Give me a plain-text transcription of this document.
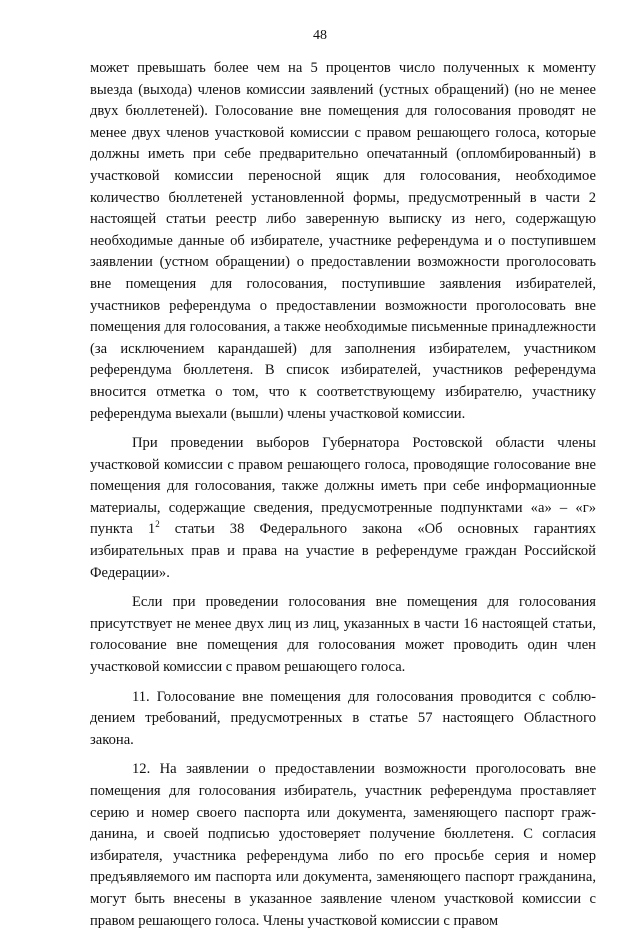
48

может превышать более чем на 5 процентов число полученных к моменту выезда (выхода) членов комиссии заявлений (устных обращений) (но не менее двух бюллетеней). Голосование вне помещения для голосования проводят не менее двух членов участковой комиссии с правом решающего голоса, которые должны иметь при себе предварительно опечатанный (опломбированный) в участковой комиссии переносной ящик для голосования, необходимое количество бюллетеней установленной формы, предусмотренный в части 2 настоящей статьи реестр либо заверенную выписку из него, содержащую необходимые данные об избирателе, участнике референдума и о поступившем заявлении (устном обращении) о предоставлении возможности проголосовать вне помещения для голосования, поступившие заявления избирателей, участников референдума о предоставлении возможности проголосовать вне помещения для голосования, а также необходимые письменные принадлежности (за исключением карандашей) для заполнения избирателем, участником референдума бюллетеня. В список избирателей, участников референдума вносится отметка о том, что к соответствующему избирателю, участнику референдума выехали (вышли) члены участковой комиссии.

При проведении выборов Губернатора Ростовской области члены участковой комиссии с правом решающего голоса, проводящие голосование вне помещения для голосования, также должны иметь при себе информационные материалы, содержащие сведения, предусмотренные подпунктами «а» – «г» пункта $1^2$ статьи 38 Федерального закона «Об основных гарантиях избирательных прав и права на участие в референдуме граждан Российской Федерации».

Если при проведении голосования вне помещения для голосования присутствует не менее двух лиц из лиц, указанных в части 16 настоящей статьи, голосование вне помещения для голосования может проводить один член участковой комиссии с правом решающего голоса.

11. Голосование вне помещения для голосования проводится с соблюдением требований, предусмотренных в статье 57 настоящего Областного закона.

12. На заявлении о предоставлении возможности проголосовать вне помещения для голосования избиратель, участник референдума проставляет серию и номер своего паспорта или документа, заменяющего паспорт гражданина, и своей подписью удостоверяет получение бюллетеня. С согласия избирателя, участника референдума либо по его просьбе серия и номер предъявляемого им паспорта или документа, заменяющего паспорт гражданина, могут быть внесены в указанное заявление членом участковой комиссии с правом решающего голоса. Члены участковой комиссии с правом
